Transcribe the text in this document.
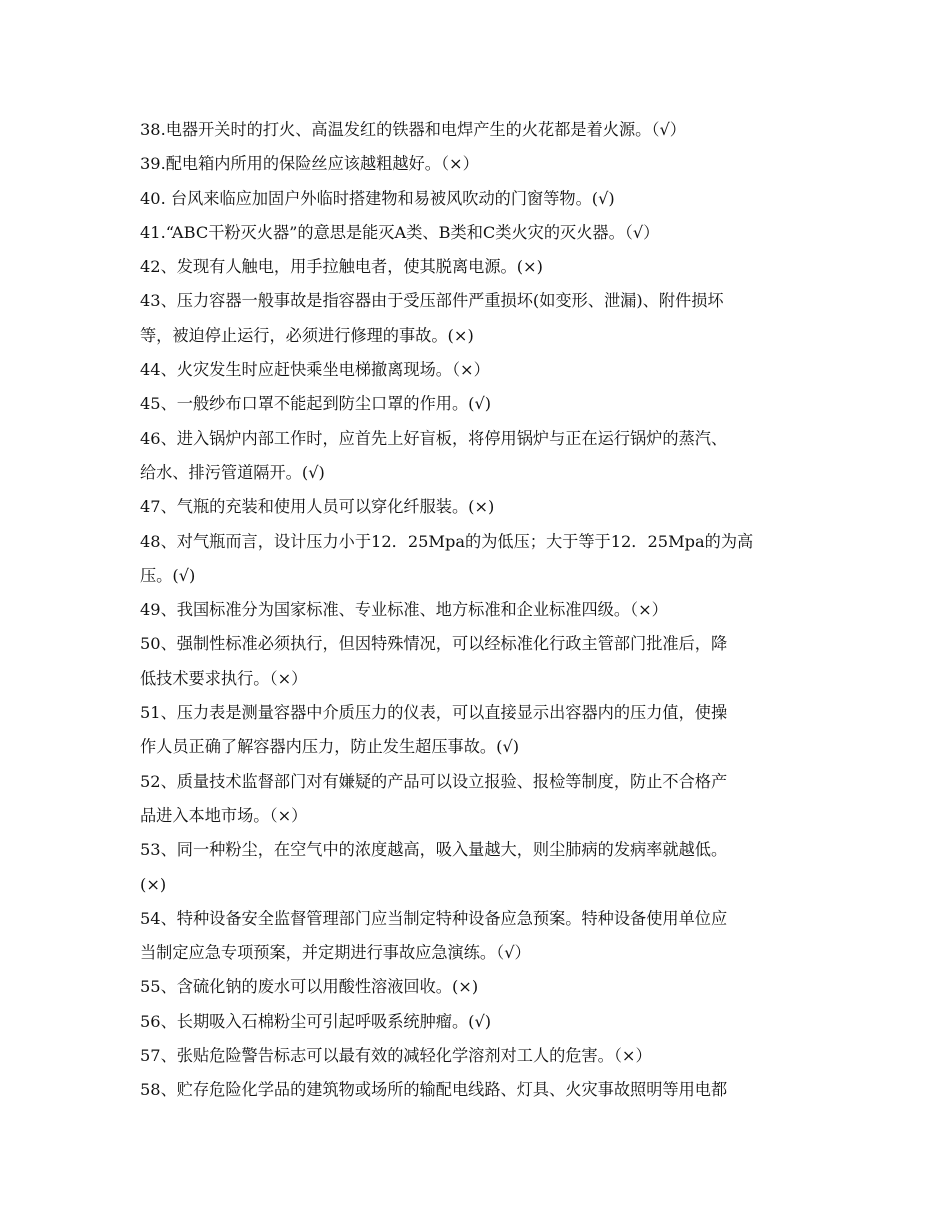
38.电器开关时的打火、高温发红的铁器和电焊产生的火花都是着火源。（√）
39.配电箱内所用的保险丝应该越粗越好。（×）
40. 台风来临应加固户外临时搭建物和易被风吹动的门窗等物。(√)
41.“ABC干粉灭火器”的意思是能灭A类、B类和C类火灾的灭火器。（√）
42、发现有人触电，用手拉触电者，使其脱离电源。(×)
43、压力容器一般事故是指容器由于受压部件严重损坏(如变形、泄漏)、附件损坏
等，被迫停止运行，必须进行修理的事故。(×)
44、火灾发生时应赶快乘坐电梯撤离现场。（×）
45、一般纱布口罩不能起到防尘口罩的作用。(√)
46、进入锅炉内部工作时，应首先上好盲板，将停用锅炉与正在运行锅炉的蒸汽、
给水、排污管道隔开。(√)
47、气瓶的充装和使用人员可以穿化纤服装。(×)
48、对气瓶而言，设计压力小于12．25Mpa的为低压；大于等于12．25Mpa的为高
压。(√)
49、我国标准分为国家标准、专业标准、地方标准和企业标准四级。（×）
50、强制性标准必须执行，但因特殊情况，可以经标准化行政主管部门批准后，降
低技术要求执行。（×）
51、压力表是测量容器中介质压力的仪表，可以直接显示出容器内的压力值，使操
作人员正确了解容器内压力，防止发生超压事故。(√)
52、质量技术监督部门对有嫌疑的产品可以设立报验、报检等制度，防止不合格产
品进入本地市场。（×）
53、同一种粉尘，在空气中的浓度越高，吸入量越大，则尘肺病的发病率就越低。
(×)
54、特种设备安全监督管理部门应当制定特种设备应急预案。特种设备使用单位应
当制定应急专项预案，并定期进行事故应急演练。（√）
55、含硫化钠的废水可以用酸性溶液回收。(×)
56、长期吸入石棉粉尘可引起呼吸系统肿瘤。(√)
57、张贴危险警告标志可以最有效的减轻化学溶剂对工人的危害。（×）
58、贮存危险化学品的建筑物或场所的输配电线路、灯具、火灾事故照明等用电都
